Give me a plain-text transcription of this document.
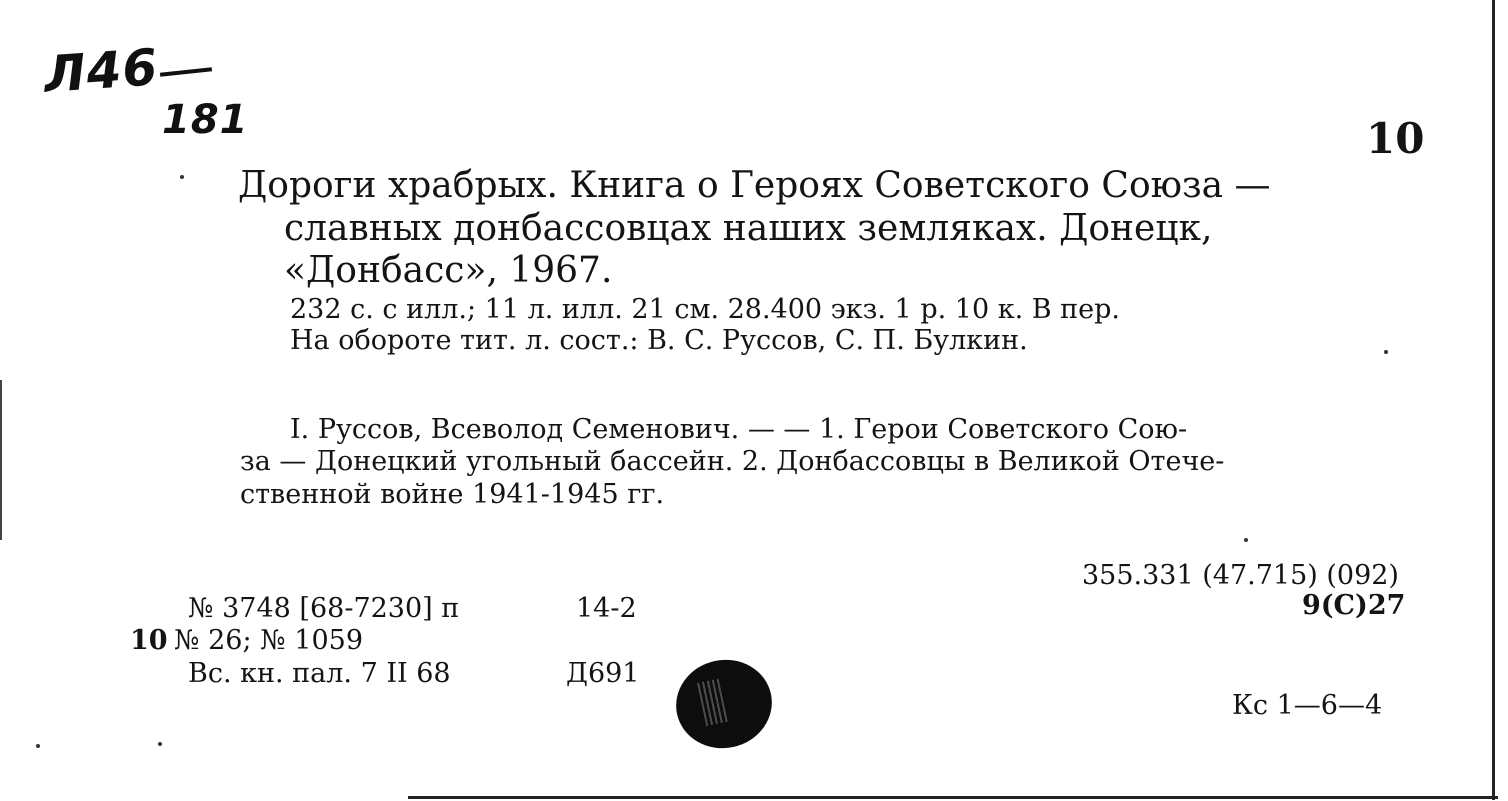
Л46
181	10
Дороги храбрых. Книга о Героях Советского Союза —
славных донбассовцах наших земляках. Донецк,
«Донбасс», 1967.
232 с. с илл.; 11 л. илл. 21 см. 28.400 экз. 1 р. 10 к. В пер.
На обороте тит. л. сост.: В. С. Руссов, С. П. Булкин.
I. Руссов, Всеволод Семенович. — — 1. Герои Советского Сою-
за — Донецкий угольный бассейн. 2. Донбассовцы в Великой Отече-
ственной войне 1941-1945 гг.
355.331 (47.715) (092)
9(С)27
№ 3748 [68-7230] п	14-2
10 № 26; № 1059
Вс. кн. пал. 7 II 68	Д691
Кс 1—6—4
